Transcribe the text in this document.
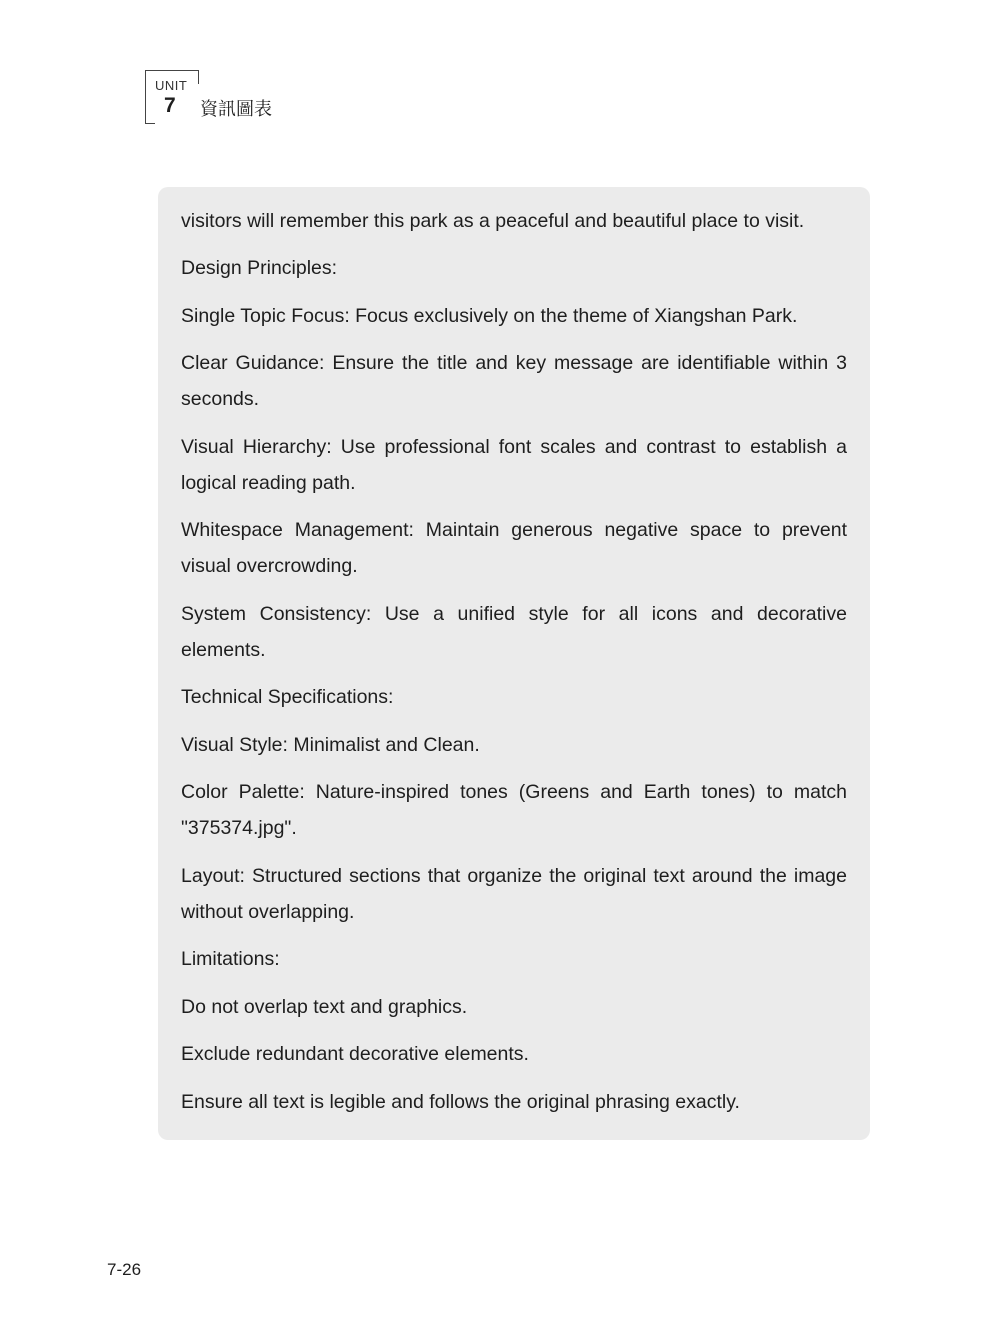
UNIT
7 資訊圖表

visitors will remember this park as a peaceful and beautiful place to visit.

Design Principles:

Single Topic Focus: Focus exclusively on the theme of Xiangshan Park.

Clear Guidance: Ensure the title and key message are identifiable within 3 seconds.

Visual Hierarchy: Use professional font scales and contrast to establish a logical reading path.

Whitespace Management: Maintain generous negative space to prevent visual overcrowding.

System Consistency: Use a unified style for all icons and decorative elements.

Technical Specifications:

Visual Style: Minimalist and Clean.

Color Palette: Nature-inspired tones (Greens and Earth tones) to match "375374.jpg".

Layout: Structured sections that organize the original text around the image without overlapping.

Limitations:

Do not overlap text and graphics.

Exclude redundant decorative elements.

Ensure all text is legible and follows the original phrasing exactly.

7-26
